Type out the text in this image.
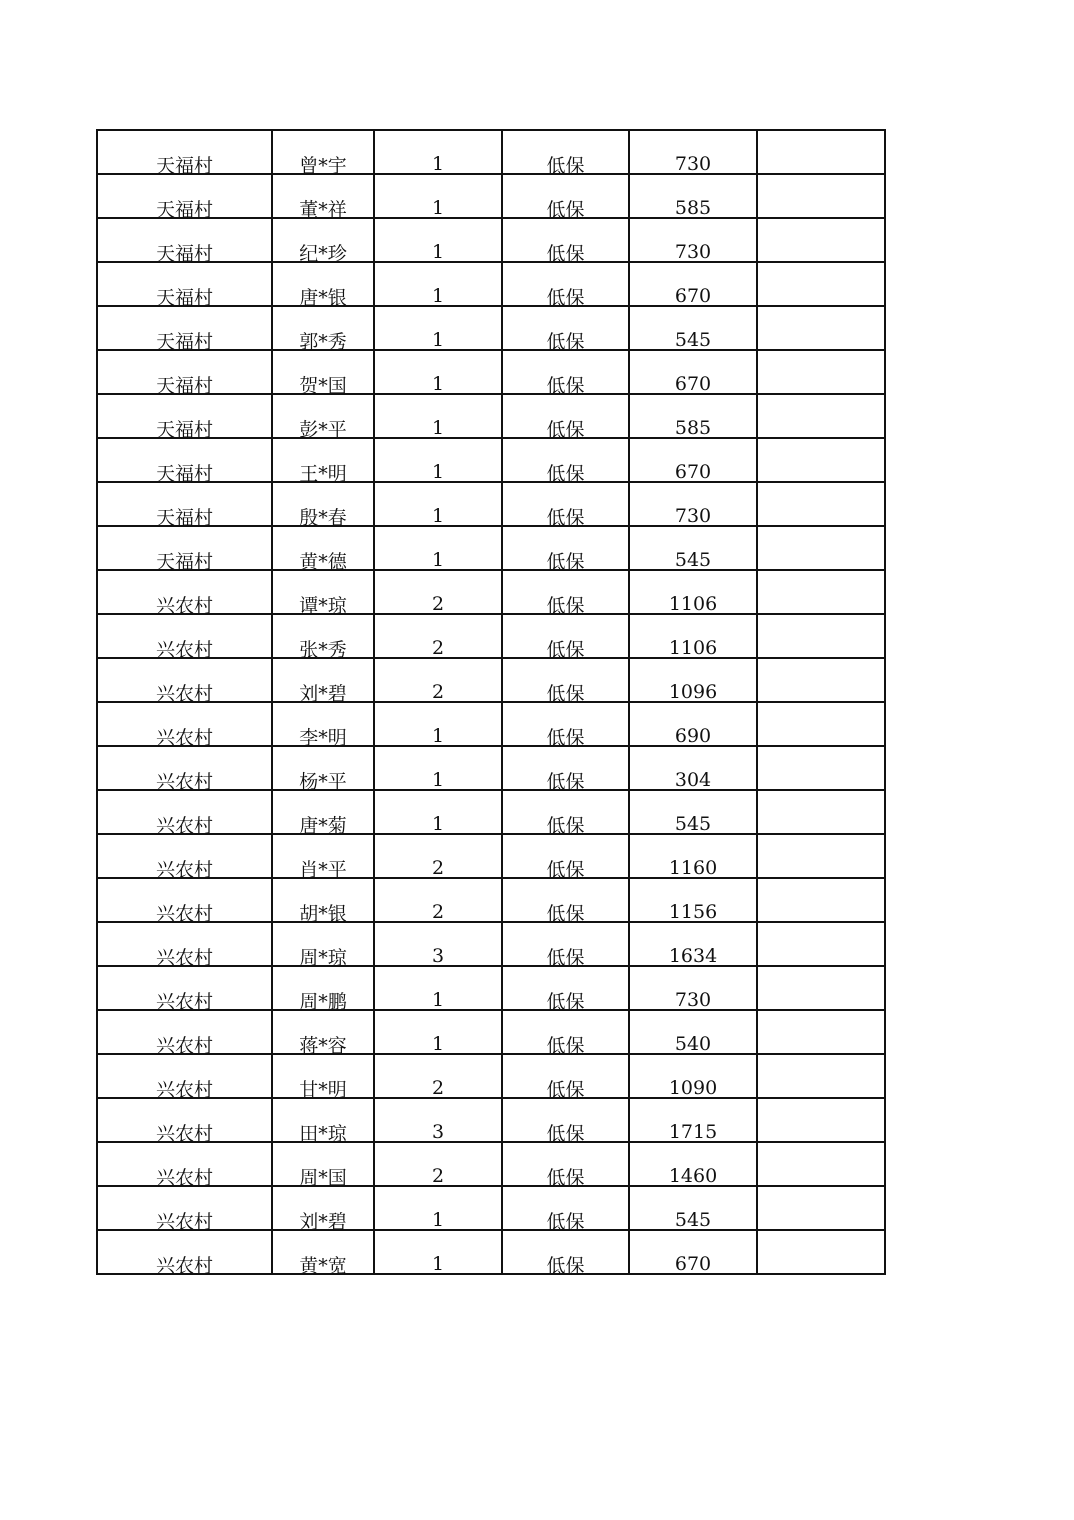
天福村	曾*宇	1	低保	730	
天福村	董*祥	1	低保	585	
天福村	纪*珍	1	低保	730	
天福村	唐*银	1	低保	670	
天福村	郭*秀	1	低保	545	
天福村	贺*国	1	低保	670	
天福村	彭*平	1	低保	585	
天福村	王*明	1	低保	670	
天福村	殷*春	1	低保	730	
天福村	黄*德	1	低保	545	
兴农村	谭*琼	2	低保	1106	
兴农村	张*秀	2	低保	1106	
兴农村	刘*碧	2	低保	1096	
兴农村	李*明	1	低保	690	
兴农村	杨*平	1	低保	304	
兴农村	唐*菊	1	低保	545	
兴农村	肖*平	2	低保	1160	
兴农村	胡*银	2	低保	1156	
兴农村	周*琼	3	低保	1634	
兴农村	周*鹏	1	低保	730	
兴农村	蒋*容	1	低保	540	
兴农村	甘*明	2	低保	1090	
兴农村	田*琼	3	低保	1715	
兴农村	周*国	2	低保	1460	
兴农村	刘*碧	1	低保	545	
兴农村	黄*宽	1	低保	670	
